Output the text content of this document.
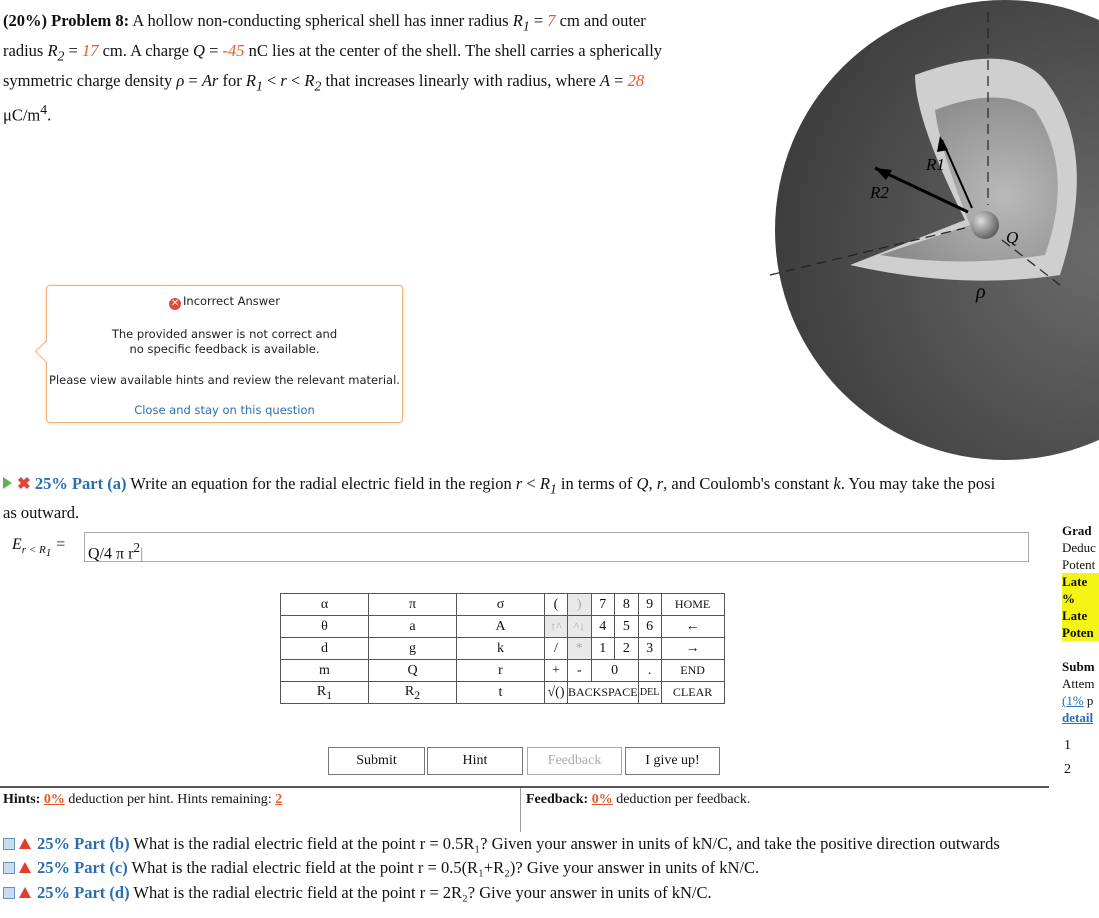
(20%) Problem 8: A hollow non-conducting spherical shell has inner radius $R_1 = 7$ cm and outer
radius $R_2 = 17$ cm. A charge Q = -45 nC lies at the center of the shell. The shell carries a spherically
symmetric charge density ρ = Ar for $R_1 < r < R_2$ that increases linearly with radius, where A = 28
$\mu C/m^4$.
R2
R1
Q
ρ
✕ Incorrect Answer
The provided answer is not correct and
no specific feedback is available.
Please view available hints and review the relevant material.
Close and stay on this question
✖ 25% Part (a) Write an equation for the radial electric field in the region $r < R_1$ in terms of Q, r, and Coulomb's constant k. You may take the posi
as outward.
$E_{r < R_1}$ =
Q/4 π $r^2|$
Grad
Deduc
Potent
Late
%
Late
Poten

Subm
Attem
(1% p
detail
α	π	σ	(	)	7	8	9	HOME
θ	a	A	↑^	^↓	4	5	6	←
d	g	k	/	*	1	2	3	→
m	Q	r	+	-	0		.	END
$R_1$	$R_2$	t	√()	BACKSPACE			DEL	CLEAR
Submit	Hint	Feedback	I give up!
1
2
Hints: 0% deduction per hint. Hints remaining: 2	Feedback: 0% deduction per feedback.
25% Part (b) What is the radial electric field at the point r = 0.5R₁? Given your answer in units of kN/C, and take the positive direction outwards
25% Part (c) What is the radial electric field at the point r = 0.5(R₁+R₂)? Give your answer in units of kN/C.
25% Part (d) What is the radial electric field at the point r = 2R₂? Give your answer in units of kN/C.
